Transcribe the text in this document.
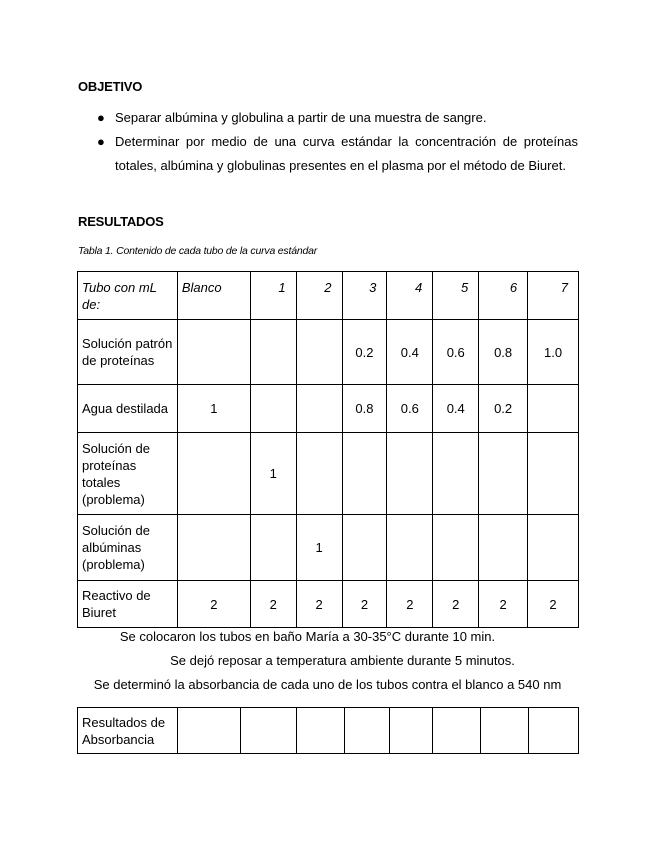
OBJETIVO
● Separar albúmina y globulina a partir de una muestra de sangre.
● Determinar por medio de una curva estándar la concentración de proteínas totales, albúmina y globulinas presentes en el plasma por el método de Biuret.
RESULTADOS
Tabla 1. Contenido de cada tubo de la curva estándar
Tubo con mL de:	Blanco	1	2	3	4	5	6	7
Solución patrón de proteínas				0.2	0.4	0.6	0.8	1.0
Agua destilada	1			0.8	0.6	0.4	0.2	
Solución de proteínas totales (problema)		1						
Solución de albúminas (problema)			1					
Reactivo de Biuret	2	2	2	2	2	2	2	2
Se colocaron los tubos en baño María a 30-35°C durante 10 min.
Se dejó reposar a temperatura ambiente durante 5 minutos.
Se determinó la absorbancia de cada uno de los tubos contra el blanco a 540 nm
Resultados de Absorbancia								
